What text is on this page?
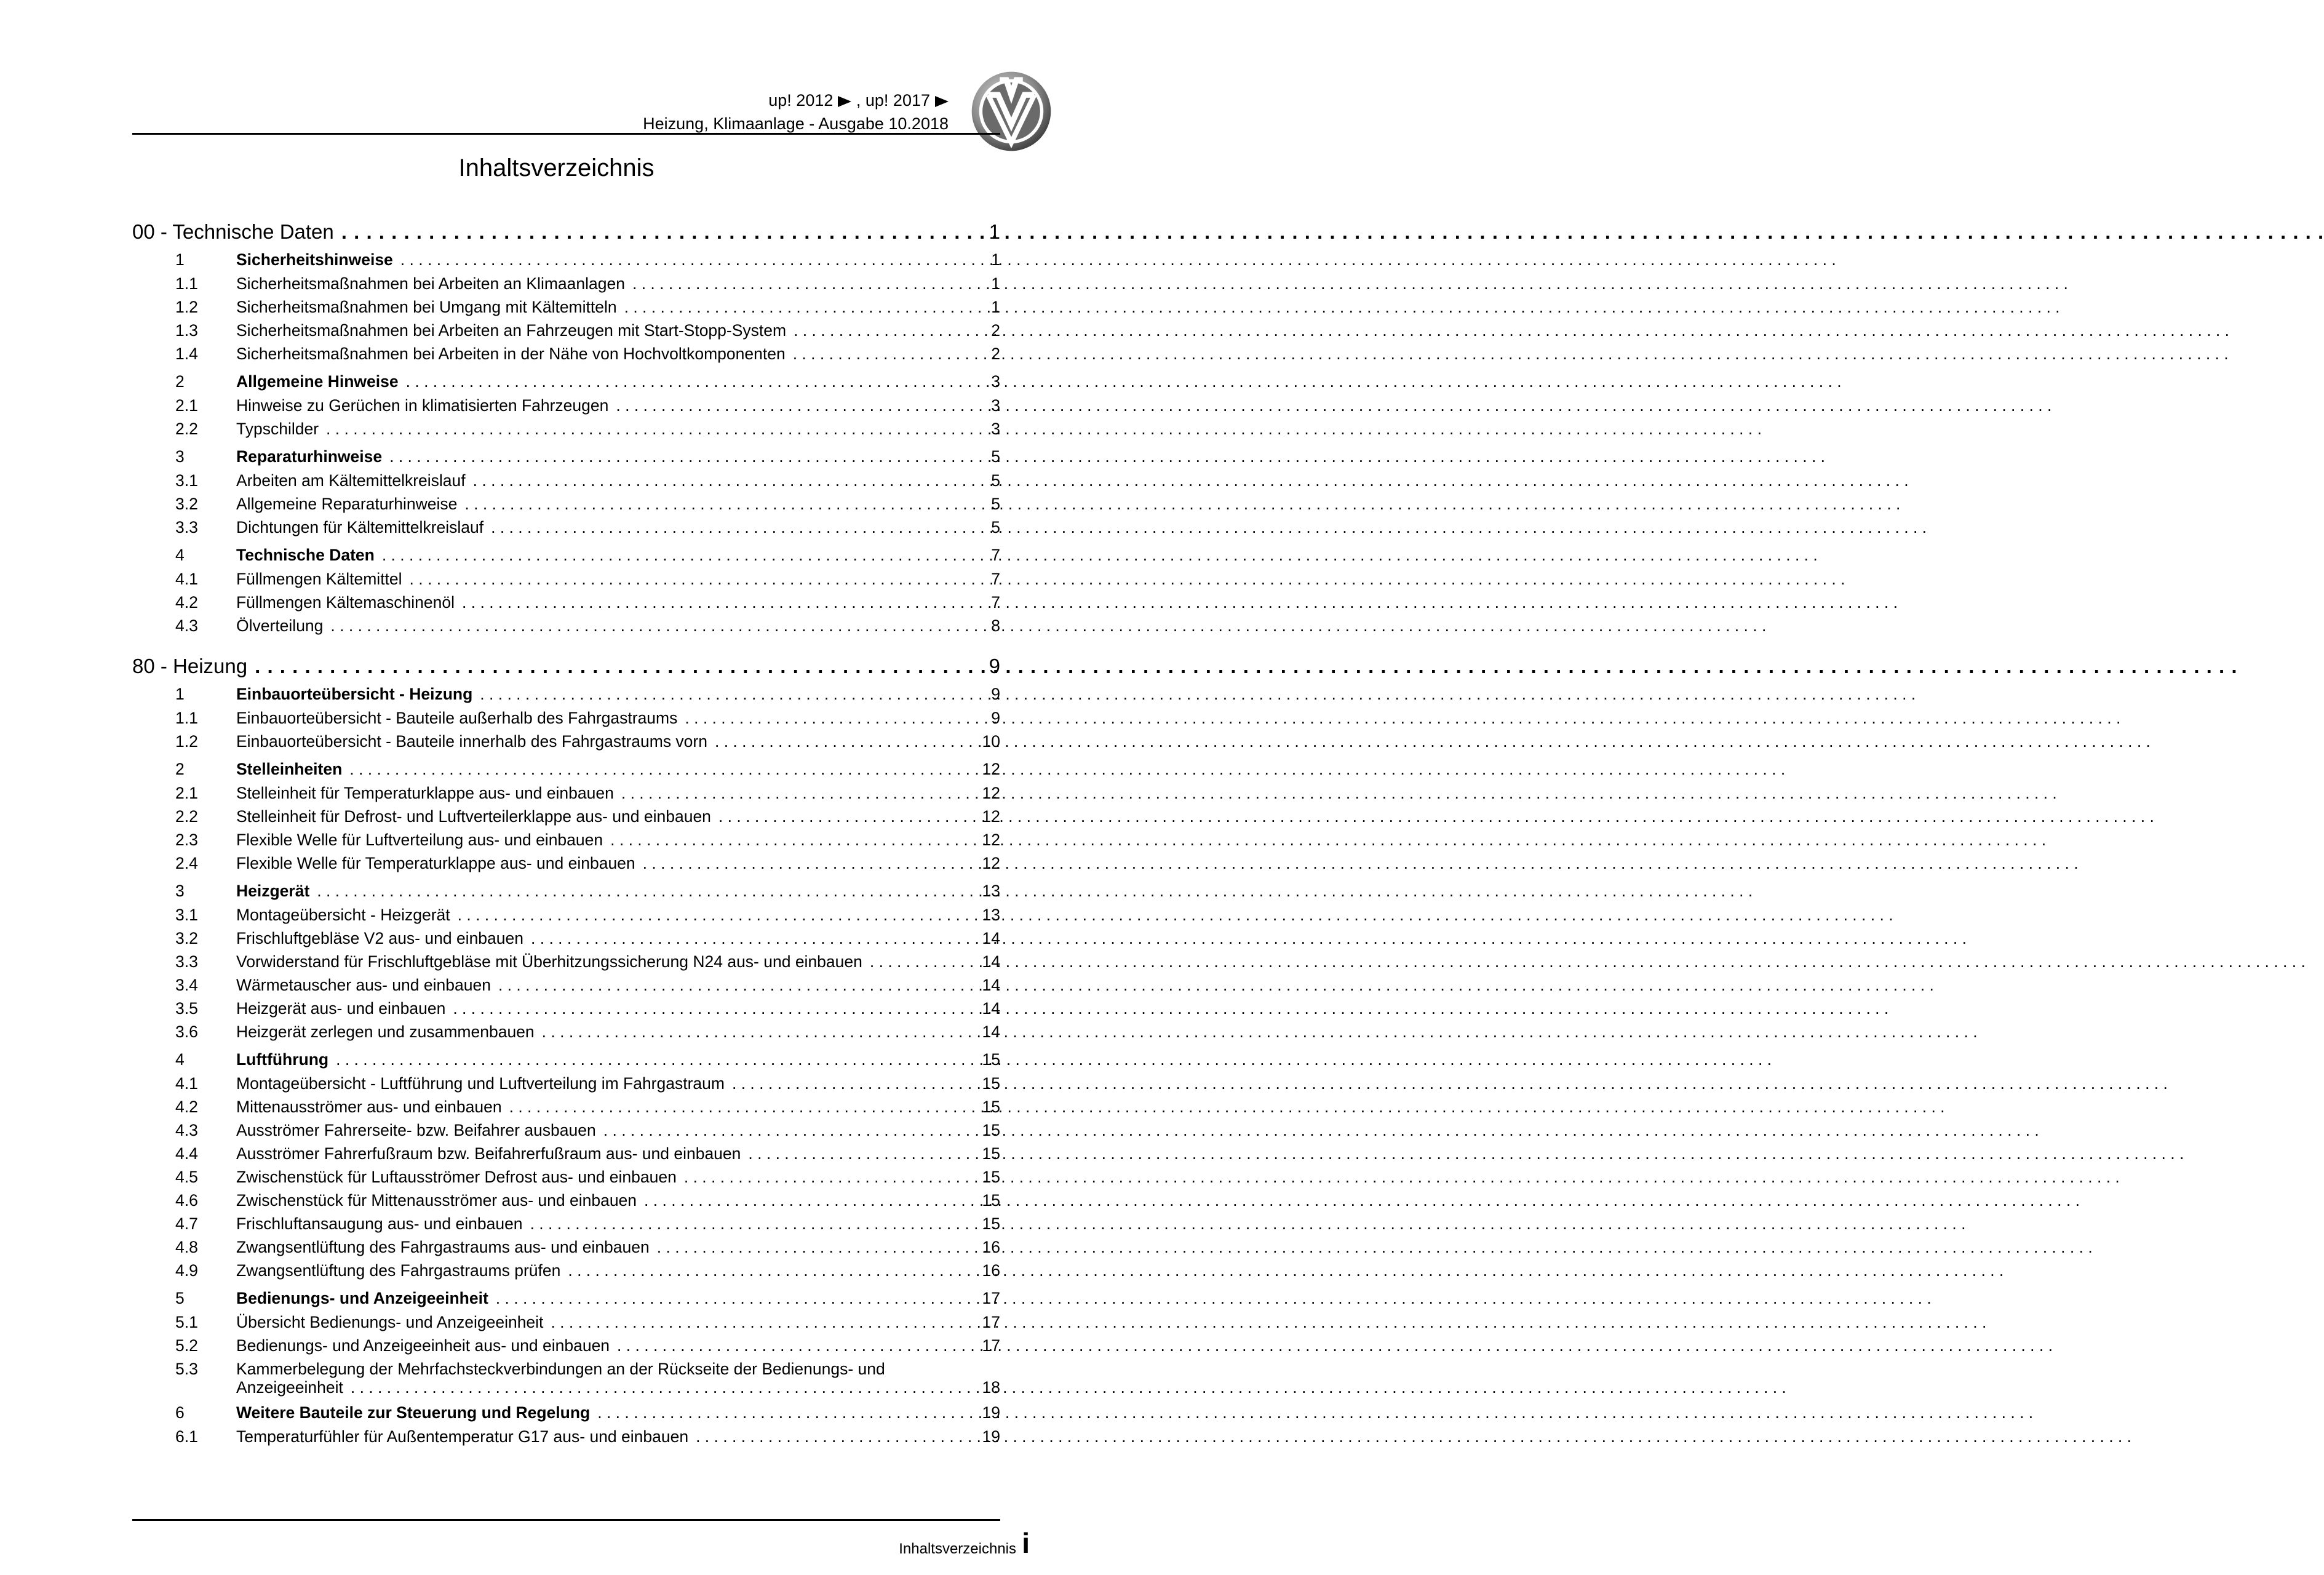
up! 2012 , up! 2017
Heizung, Klimaanlage - Ausgabe 10.2018
Inhaltsverzeichnis
00 - Technische Daten . . .	1
1	Sicherheitshinweise . . .	1
1.1	Sicherheitsmaßnahmen bei Arbeiten an Klimaanlagen . . .	1
1.2	Sicherheitsmaßnahmen bei Umgang mit Kältemitteln . . .	1
1.3	Sicherheitsmaßnahmen bei Arbeiten an Fahrzeugen mit Start-Stopp-System . . .	2
1.4	Sicherheitsmaßnahmen bei Arbeiten in der Nähe von Hochvoltkomponenten . . .	2
2	Allgemeine Hinweise . . .	3
2.1	Hinweise zu Gerüchen in klimatisierten Fahrzeugen . . .	3
2.2	Typschilder . . .	3
3	Reparaturhinweise . . .	5
3.1	Arbeiten am Kältemittelkreislauf . . .	5
3.2	Allgemeine Reparaturhinweise . . .	5
3.3	Dichtungen für Kältemittelkreislauf . . .	5
4	Technische Daten . . .	7
4.1	Füllmengen Kältemittel . . .	7
4.2	Füllmengen Kältemaschinenöl . . .	7
4.3	Ölverteilung . . .	8
80 - Heizung . . .	9
1	Einbauorteübersicht - Heizung . . .	9
1.1	Einbauorteübersicht - Bauteile außerhalb des Fahrgastraums . . .	9
1.2	Einbauorteübersicht - Bauteile innerhalb des Fahrgastraums vorn . . .	10
2	Stelleinheiten . . .	12
2.1	Stelleinheit für Temperaturklappe aus- und einbauen . . .	12
2.2	Stelleinheit für Defrost- und Luftverteilerklappe aus- und einbauen . . .	12
2.3	Flexible Welle für Luftverteilung aus- und einbauen . . .	12
2.4	Flexible Welle für Temperaturklappe aus- und einbauen . . .	12
3	Heizgerät . . .	13
3.1	Montageübersicht - Heizgerät . . .	13
3.2	Frischluftgebläse V2 aus- und einbauen . . .	14
3.3	Vorwiderstand für Frischluftgebläse mit Überhitzungssicherung N24 aus- und einbauen . . .	14
3.4	Wärmetauscher aus- und einbauen . . .	14
3.5	Heizgerät aus- und einbauen . . .	14
3.6	Heizgerät zerlegen und zusammenbauen . . .	14
4	Luftführung . . .	15
4.1	Montageübersicht - Luftführung und Luftverteilung im Fahrgastraum . . .	15
4.2	Mittenausströmer aus- und einbauen . . .	15
4.3	Ausströmer Fahrerseite- bzw. Beifahrer ausbauen . . .	15
4.4	Ausströmer Fahrerfußraum bzw. Beifahrerfußraum aus- und einbauen . . .	15
4.5	Zwischenstück für Luftausströmer Defrost aus- und einbauen . . .	15
4.6	Zwischenstück für Mittenausströmer aus- und einbauen . . .	15
4.7	Frischluftansaugung aus- und einbauen . . .	15
4.8	Zwangsentlüftung des Fahrgastraums aus- und einbauen . . .	16
4.9	Zwangsentlüftung des Fahrgastraums prüfen . . .	16
5	Bedienungs- und Anzeigeeinheit . . .	17
5.1	Übersicht Bedienungs- und Anzeigeeinheit . . .	17
5.2	Bedienungs- und Anzeigeeinheit aus- und einbauen . . .	17
5.3	Kammerbelegung der Mehrfachsteckverbindungen an der Rückseite der Bedienungs- und
Anzeigeeinheit . . .	18
6	Weitere Bauteile zur Steuerung und Regelung . . .	19
6.1	Temperaturfühler für Außentemperatur G17 aus- und einbauen . . .	19
Inhaltsverzeichnis i
